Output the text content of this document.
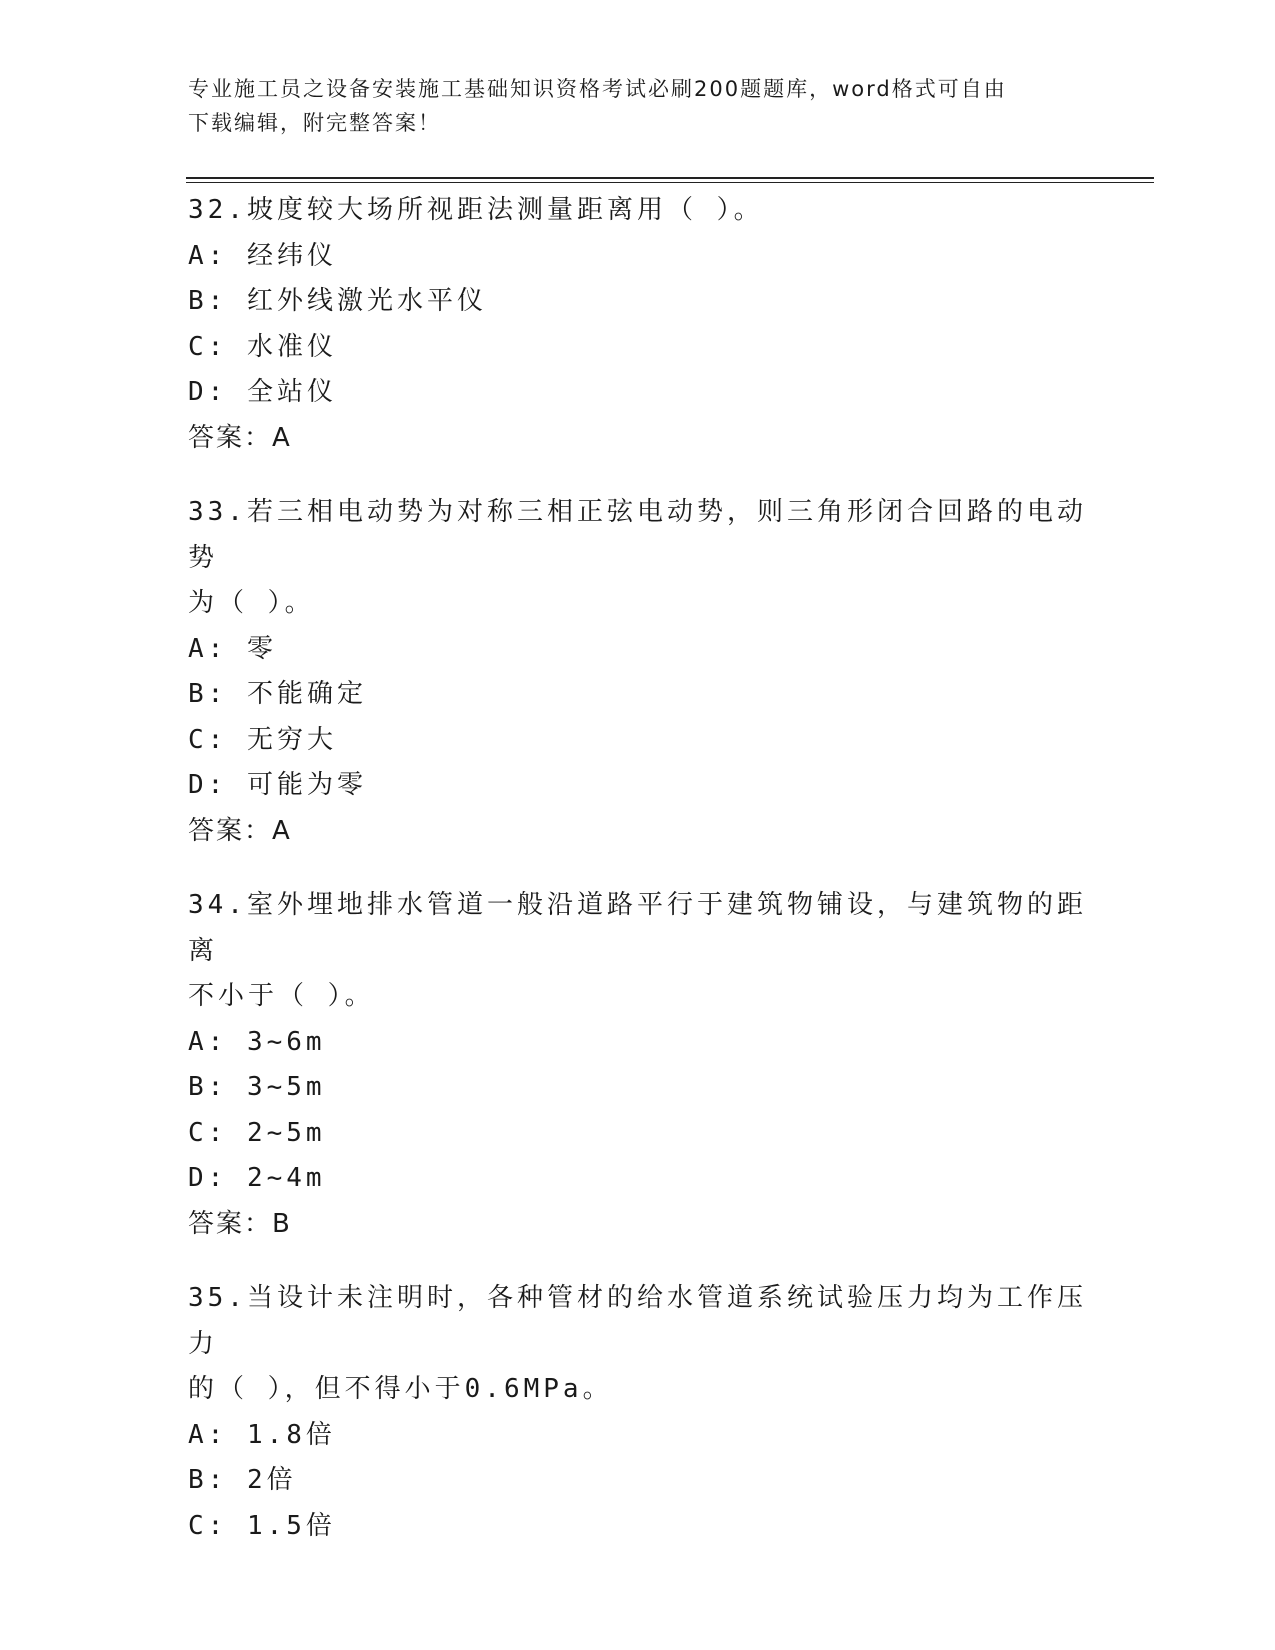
专业施工员之设备安装施工基础知识资格考试必刷200题题库，word格式可自由
下载编辑，附完整答案！
32.坡度较大场所视距法测量距离用（ ）。
A: 经纬仪
B: 红外线激光水平仪
C: 水准仪
D: 全站仪
答案：A
33.若三相电动势为对称三相正弦电动势，则三角形闭合回路的电动势
为（ ）。
A: 零
B: 不能确定
C: 无穷大
D: 可能为零
答案：A
34.室外埋地排水管道一般沿道路平行于建筑物铺设，与建筑物的距离
不小于（ ）。
A: 3~6m
B: 3~5m
C: 2~5m
D: 2~4m
答案：B
35.当设计未注明时，各种管材的给水管道系统试验压力均为工作压力
的（ ），但不得小于0.6MPa。
A: 1.8倍
B: 2倍
C: 1.5倍
